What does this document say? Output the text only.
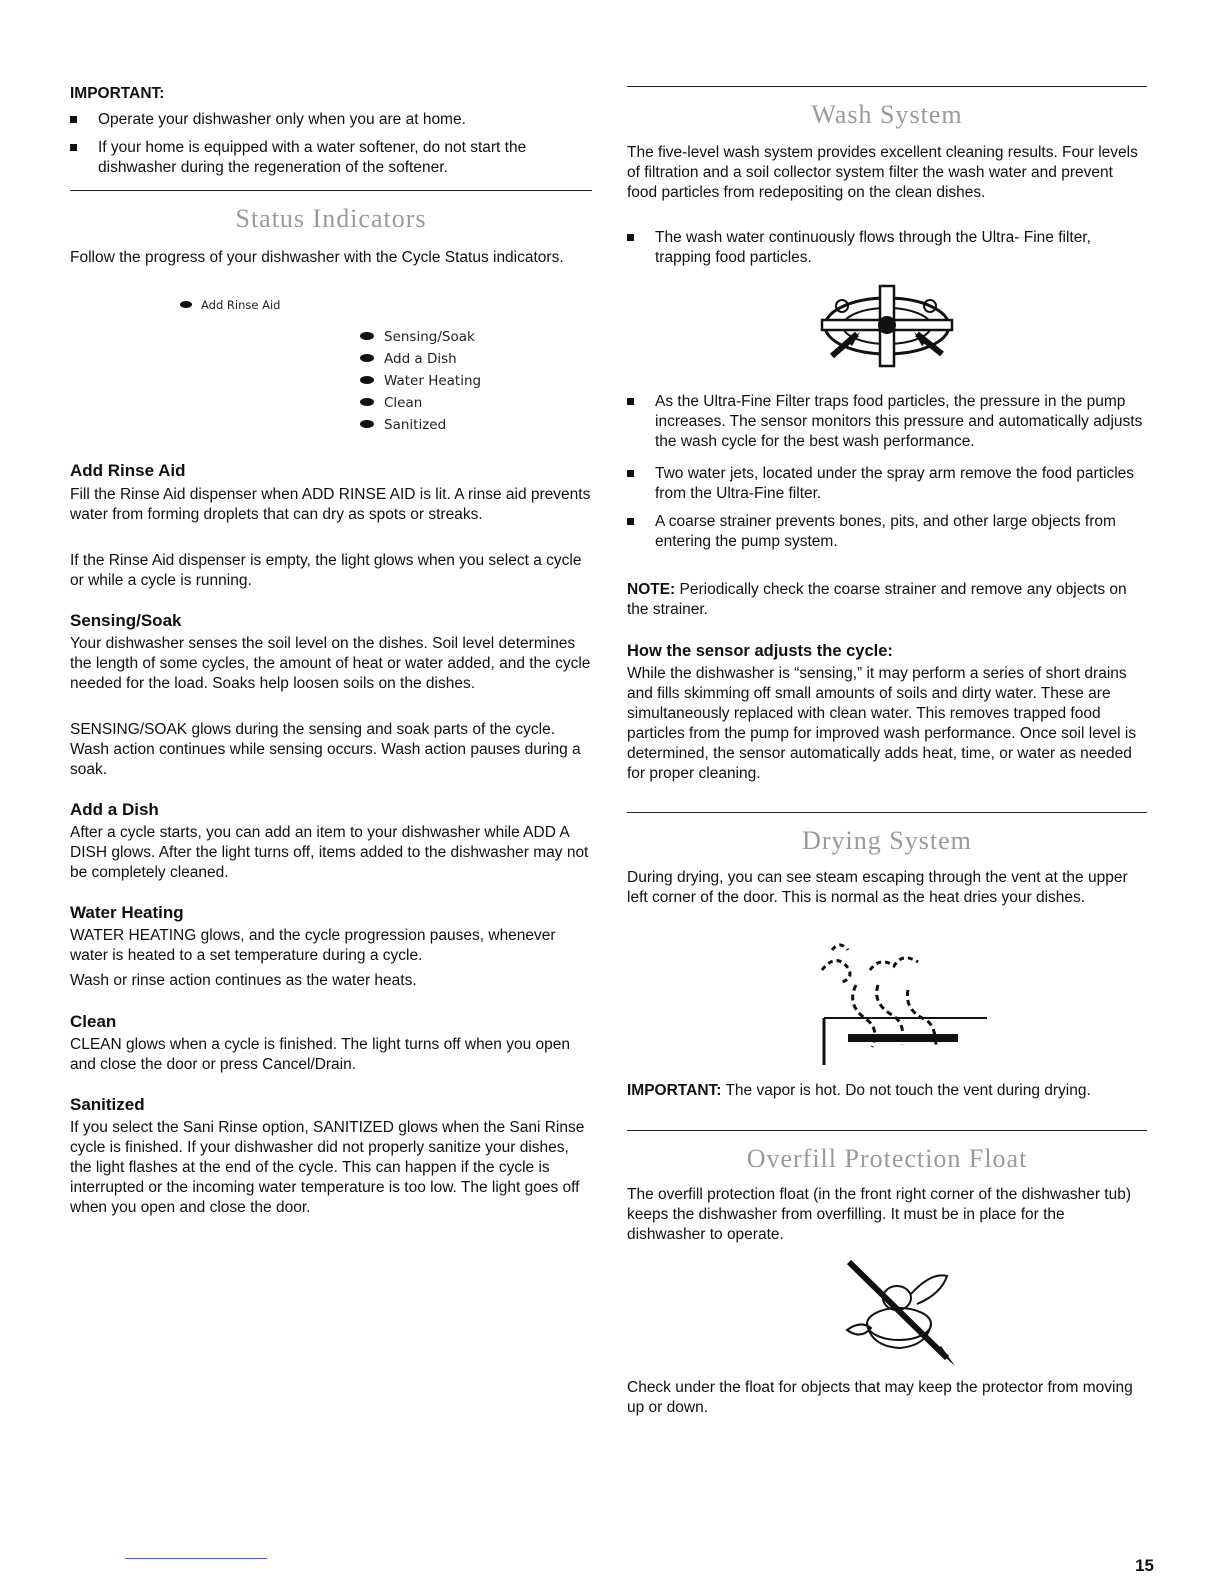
IMPORTANT:

Operate your dishwasher only when you are at home.
If your home is equipped with a water softener, do not start the dishwasher during the regeneration of the softener.
Status Indicators

Follow the progress of your dishwasher with the Cycle Status indicators.

Add Rinse Aid
Sensing/Soak
Add a Dish
Water Heating
Clean
Sanitized
Add Rinse Aid

Fill the Rinse Aid dispenser when ADD RINSE AID is lit. A rinse aid prevents water from forming droplets that can dry as spots or streaks.

If the Rinse Aid dispenser is empty, the light glows when you select a cycle or while a cycle is running.

Sensing/Soak

Your dishwasher senses the soil level on the dishes. Soil level determines the length of some cycles, the amount of heat or water added, and the cycle needed for the load. Soaks help loosen soils on the dishes.

SENSING/SOAK glows during the sensing and soak parts of the cycle. Wash action continues while sensing occurs. Wash action pauses during a soak.

Add a Dish

After a cycle starts, you can add an item to your dishwasher while ADD A DISH glows. After the light turns off, items added to the dishwasher may not be completely cleaned.

Water Heating

WATER HEATING glows, and the cycle progression pauses, whenever water is heated to a set temperature during a cycle.

Wash or rinse action continues as the water heats.

Clean

CLEAN glows when a cycle is finished. The light turns off when you open and close the door or press Cancel/Drain.

Sanitized

If you select the Sani Rinse option, SANITIZED glows when the Sani Rinse cycle is finished. If your dishwasher did not properly sanitize your dishes, the light flashes at the end of the cycle. This can happen if the cycle is interrupted or the incoming water temperature is too low. The light goes off when you open and close the door.

Wash System

The five-level wash system provides excellent cleaning results. Four levels of filtration and a soil collector system filter the wash water and prevent food particles from redepositing on the clean dishes.

The wash water continuously flows through the Ultra- Fine filter, trapping food particles.
As the Ultra-Fine Filter traps food particles, the pressure in the pump increases. The sensor monitors this pressure and automatically adjusts the wash cycle for the best wash performance.
Two water jets, located under the spray arm remove the food particles from the Ultra-Fine filter.
A coarse strainer prevents bones, pits, and other large objects from entering the pump system.

NOTE: Periodically check the coarse strainer and remove any objects on the strainer.

How the sensor adjusts the cycle:

While the dishwasher is “sensing,” it may perform a series of short drains and fills skimming off small amounts of soils and dirty water. These are simultaneously replaced with clean water. This removes trapped food particles from the pump for improved wash performance. Once soil level is determined, the sensor automatically adds heat, time, or water as needed for proper cleaning.

Drying System

During drying, you can see steam escaping through the vent at the upper left corner of the door. This is normal as the heat dries your dishes.

IMPORTANT: The vapor is hot. Do not touch the vent during drying.

Overfill Protection Float

The overfill protection float (in the front right corner of the dishwasher tub) keeps the dishwasher from overfilling. It must be in place for the dishwasher to operate.

Check under the float for objects that may keep the protector from moving up or down.

15
